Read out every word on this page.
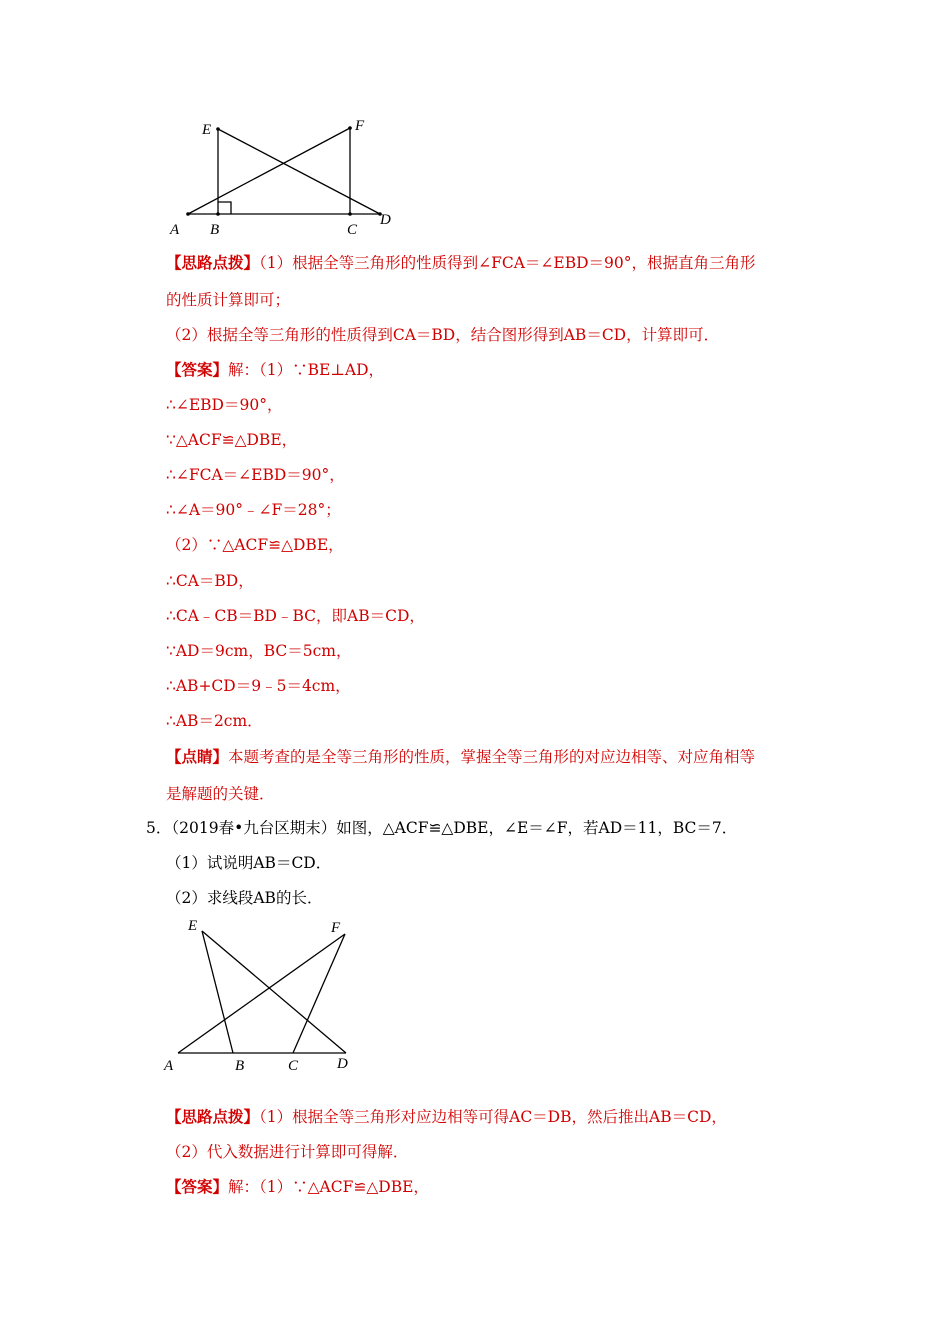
E	F
A B	C
D
【思路点拨】（1）根据全等三角形的性质得到∠FCA＝∠EBD＝90°，根据直角三角形
的性质计算即可；
（2）根据全等三角形的性质得到CA＝BD，结合图形得到AB＝CD，计算即可．
【答案】解：（1）∵BE⊥AD，
∴∠EBD＝90°，
∵△ACF≌△DBE，
∴∠FCA＝∠EBD＝90°，
∴∠A＝90°﹣∠F＝28°；
（2）∵△ACF≌△DBE，
∴CA＝BD，
∴CA﹣CB＝BD﹣BC，即AB＝CD，
∵AD＝9cm，BC＝5cm，
∴AB+CD＝9﹣5＝4cm，
∴AB＝2cm．
【点睛】本题考查的是全等三角形的性质，掌握全等三角形的对应边相等、对应角相等
是解题的关键．
5．（2019春•九台区期末）如图，△ACF≌△DBE，∠E＝∠F，若AD＝11，BC＝7．
（1）试说明AB＝CD．
（2）求线段AB的长．
E	F
A	B	C	D
【思路点拨】（1）根据全等三角形对应边相等可得AC＝DB，然后推出AB＝CD，
（2）代入数据进行计算即可得解．
【答案】解：（1）∵△ACF≌△DBE，
